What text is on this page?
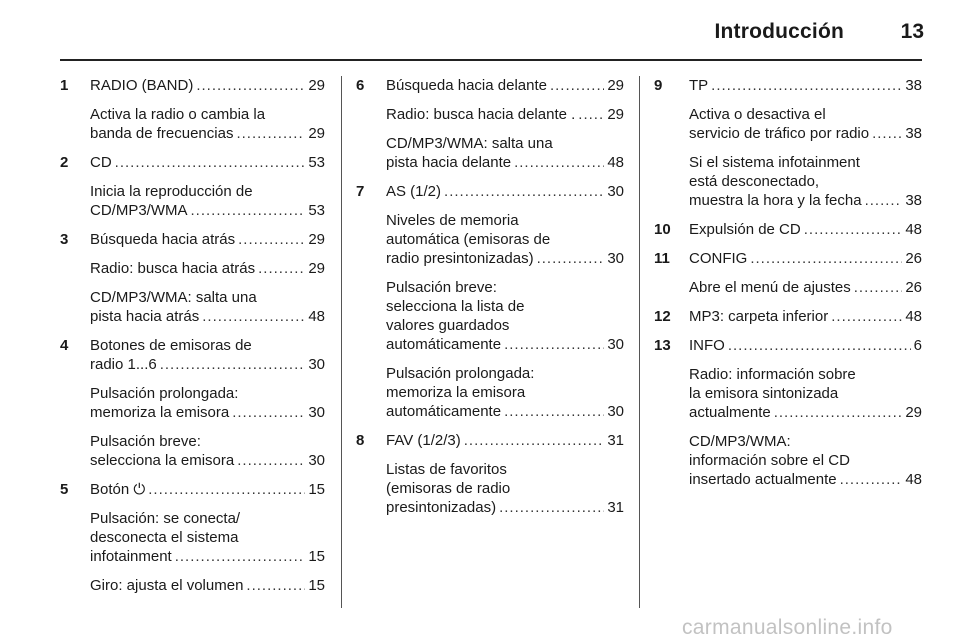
Introducción	13
1	RADIO (BAND) .....	29
Activa la radio o cambia la
banda de frecuencias .....	29
2	CD .....	53
Inicia la reproducción de
CD/MP3/WMA .....	53
3	Búsqueda hacia atrás .....	29
Radio: busca hacia atrás .....	29
CD/MP3/WMA: salta una
pista hacia atrás .....	48
4	Botones de emisoras de
radio 1...6 .....	30
Pulsación prolongada:
memoriza la emisora .....	30
Pulsación breve:
selecciona la emisora .....	30
5	Botón ⏻ .....	15
Pulsación: se conecta/
desconecta el sistema
infotainment .....	15
Giro: ajusta el volumen .....	15
6	Búsqueda hacia delante .....	29
Radio: busca hacia delante . ..... 29
CD/MP3/WMA: salta una
pista hacia delante .....	48
7	AS (1/2) .....	30
Niveles de memoria
automática (emisoras de
radio presintonizadas) .....	30
Pulsación breve:
selecciona la lista de
valores guardados
automáticamente .....	30
Pulsación prolongada:
memoriza la emisora
automáticamente .....	30
8	FAV (1/2/3) .....	31
Listas de favoritos
(emisoras de radio
presintonizadas) .....	31
9	TP .....	38
Activa o desactiva el
servicio de tráfico por radio ..... 38
Si el sistema infotainment
está desconectado,
muestra la hora y la fecha .....	38
10	Expulsión de CD .....	48
11	CONFIG .....	26
Abre el menú de ajustes .....	26
12	MP3: carpeta inferior .....	48
13	INFO .....	6
Radio: información sobre
la emisora sintonizada
actualmente .....	29
CD/MP3/WMA:
información sobre el CD
insertado actualmente .....	48
carmanualsonline.info
